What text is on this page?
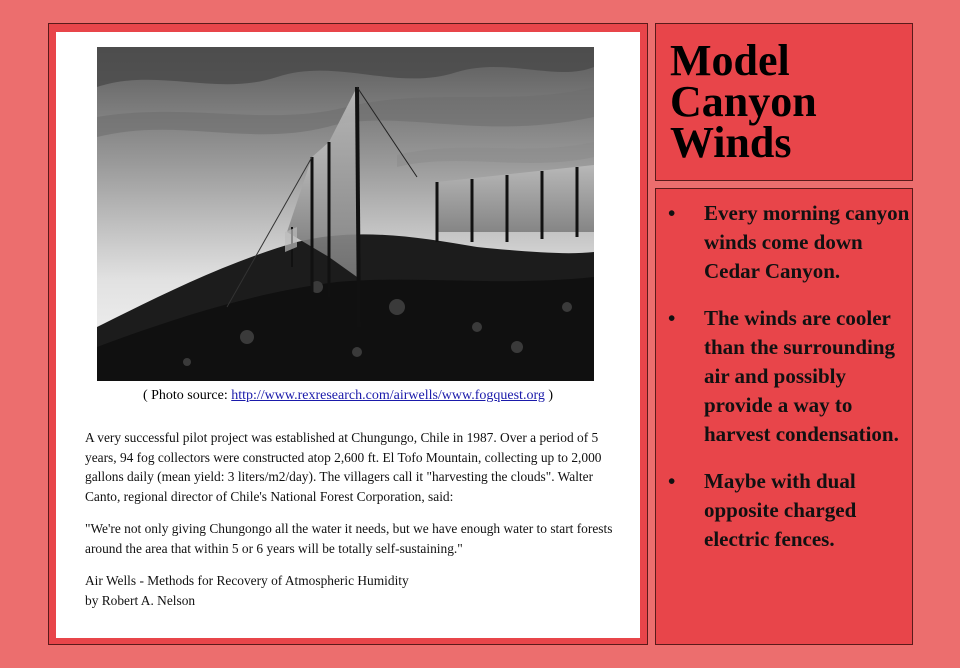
( Photo source: http://www.rexresearch.com/airwells/www.fogquest.org )

A very successful pilot project was established at Chungungo, Chile in 1987. Over a period of 5 years, 94 fog collectors were constructed atop 2,600 ft. El Tofo Mountain, collecting up to 2,000 gallons daily (mean yield: 3 liters/m2/day). The villagers call it "harvesting the clouds". Walter Canto, regional director of Chile's National Forest Corporation, said:

"We're not only giving Chungongo all the water it needs, but we have enough water to start forests around the area that within 5 or 6 years will be totally self-sustaining."

Air Wells - Methods for Recovery of Atmospheric Humidity
by Robert A. Nelson

Model
Canyon
Winds
• Every morning canyon winds come down Cedar Canyon.
• The winds are cooler than the surrounding air and possibly provide a way to harvest condensation.
• Maybe with dual opposite charged electric fences.
